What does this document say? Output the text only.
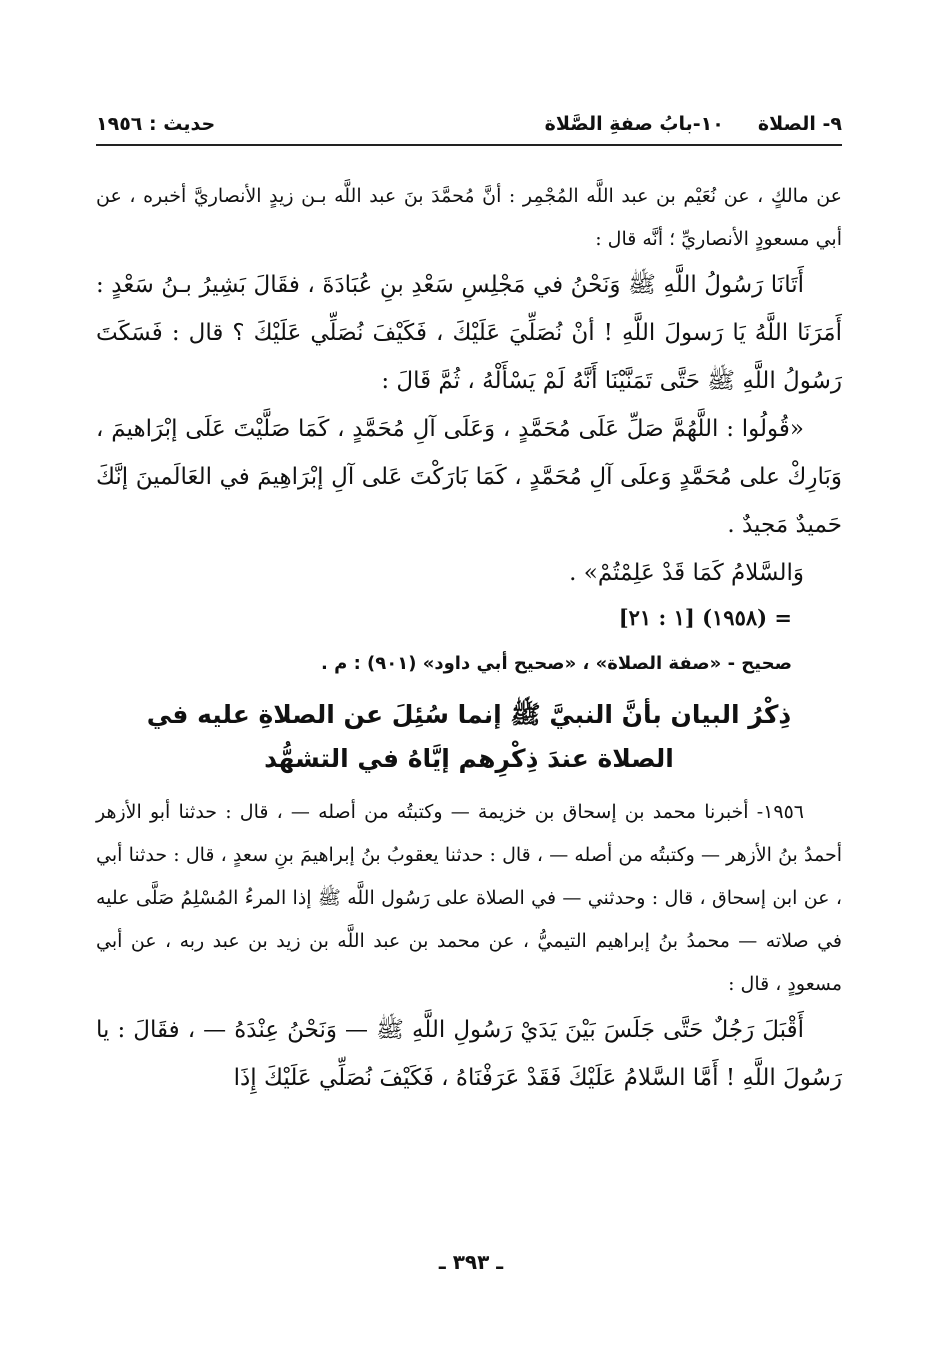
٩- الصلاة
١٠-بابُ صفةِ الصَّلاة
حديث : ١٩٥٦

عن مالكٍ ، عن نُعَيْم بن عبد اللَّه المُجْمِر : أنَّ مُحمَّدَ بنَ عبد اللَّه بـن زيدٍ الأنصاريَّ أخبره ، عن أبي مسعودٍ الأنصاريِّ ؛ أنَّه قال :

أَتَانَا رَسُولُ اللَّهِ ﷺ وَنَحْنُ في مَجْلِسِ سَعْدِ بنِ عُبَادَةَ ، فقَالَ بَشِيرُ بـنُ سَعْدٍ : أَمَرَنَا اللَّهُ يَا رَسولَ اللَّهِ ! أنْ نُصَلِّيَ عَلَيْكَ ، فَكَيْفَ نُصَلِّي عَلَيْكَ ؟ قال : فَسَكَتَ رَسُولُ اللَّهِ ﷺ حَتَّى تَمَنَّيْنَا أَنَّهُ لَمْ يَسْأَلْهُ ، ثُمَّ قَالَ :

«قُولُوا : اللَّهُمَّ صَلِّ عَلَى مُحَمَّدٍ ، وَعَلَى آلِ مُحَمَّدٍ ، كَمَا صَلَّيْتَ عَلَى إبْرَاهيمَ ، وَبَارِكْ على مُحَمَّدٍ وَعلَى آلِ مُحَمَّدٍ ، كَمَا بَارَكْتَ عَلى آلِ إبْرَاهِيمَ في العَالَمينَ إنَّكَ حَميدٌ مَجيدٌ .

وَالسَّلامُ كَمَا قَدْ عَلِمْتُمْ» .

= (١٩٥٨) [١ : ٢١]

صحيح - «صفة الصلاة» ، «صحيح أبي داود» (٩٠١) : م .

ذِكْرُ البيان بأنَّ النبيَّ ﷺ إنما سُئِلَ عن الصلاةِ عليه في
الصلاة عندَ ذِكْرِهم إيَّاهُ في التشهُّد

١٩٥٦- أخبرنا محمد بن إسحاق بن خزيمة — وكتبتُه من أصله — ، قال : حدثنا أبو الأزهر أحمدُ بنُ الأزهر — وكتبتُه من أصله — ، قال : حدثنا يعقوبُ بنُ إبراهيمَ بنِ سعدٍ ، قال : حدثنا أبي ، عن ابن إسحاق ، قال : وحدثني — في الصلاة على رَسُول اللَّه ﷺ إذا المرءُ المُسْلِمُ صَلَّى عليه في صلاته — محمدُ بنُ إبراهيم التيميُّ ، عن محمد بن عبد اللَّه بن زيد بن عبد ربه ، عن أبي مسعودٍ ، قال :

أَقْبَلَ رَجُلٌ حَتَّى جَلَسَ بَيْنَ يَدَيْ رَسُولِ اللَّهِ ﷺ — وَنَحْنُ عِنْدَهُ — ، فقَالَ : يا رَسُولَ اللَّهِ ! أَمَّا السَّلامُ عَلَيْكَ فَقَدْ عَرَفْنَاهُ ، فَكَيْفَ نُصَلِّي عَلَيْكَ إِذَا

ـ ٣٩٣ ـ
